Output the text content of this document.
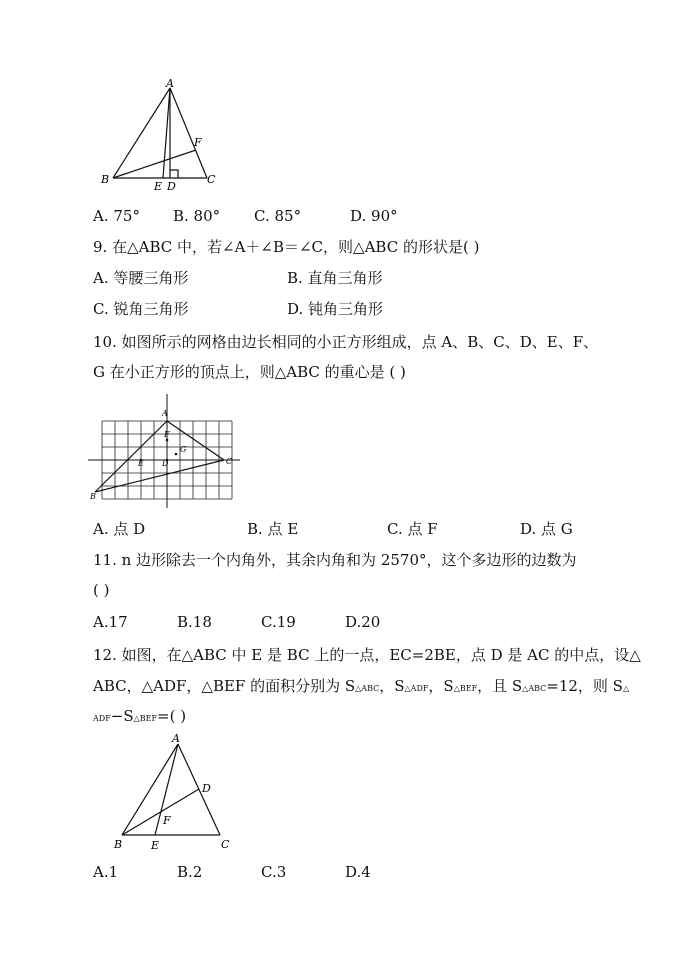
A
B	C
D
E
F
A. 75° B. 80° C. 85°	D. 90°
9. 在△ABC 中，若∠A＋∠B＝∠C，则△ABC 的形状是( )
A. 等腰三角形	B. 直角三角形
C. 锐角三角形	D. 钝角三角形
10. 如图所示的网格由边长相同的小正方形组成，点 A、B、C、D、E、F、
G 在小正方形的顶点上，则△ABC 的重心是 ( )
A
B
C
D
E
F
G
A. 点 D	B. 点 E	C. 点 F	D. 点 G
11. n 边形除去一个内角外，其余内角和为 2570°，这个多边形的边数为
( )
A.17	B.18	C.19	D.20
12. 如图，在△ABC 中 E 是 BC 上的一点，EC=2BE，点 D 是 AC 的中点，设△
ABC，△ADF，△BEF 的面积分别为 S△ABC，S△ADF，S△BEF，且 S△ABC=12，则 S△
ADF−S△BEF=( )
A
B	C
D
E
F
A.1	B.2	C.3	D.4
